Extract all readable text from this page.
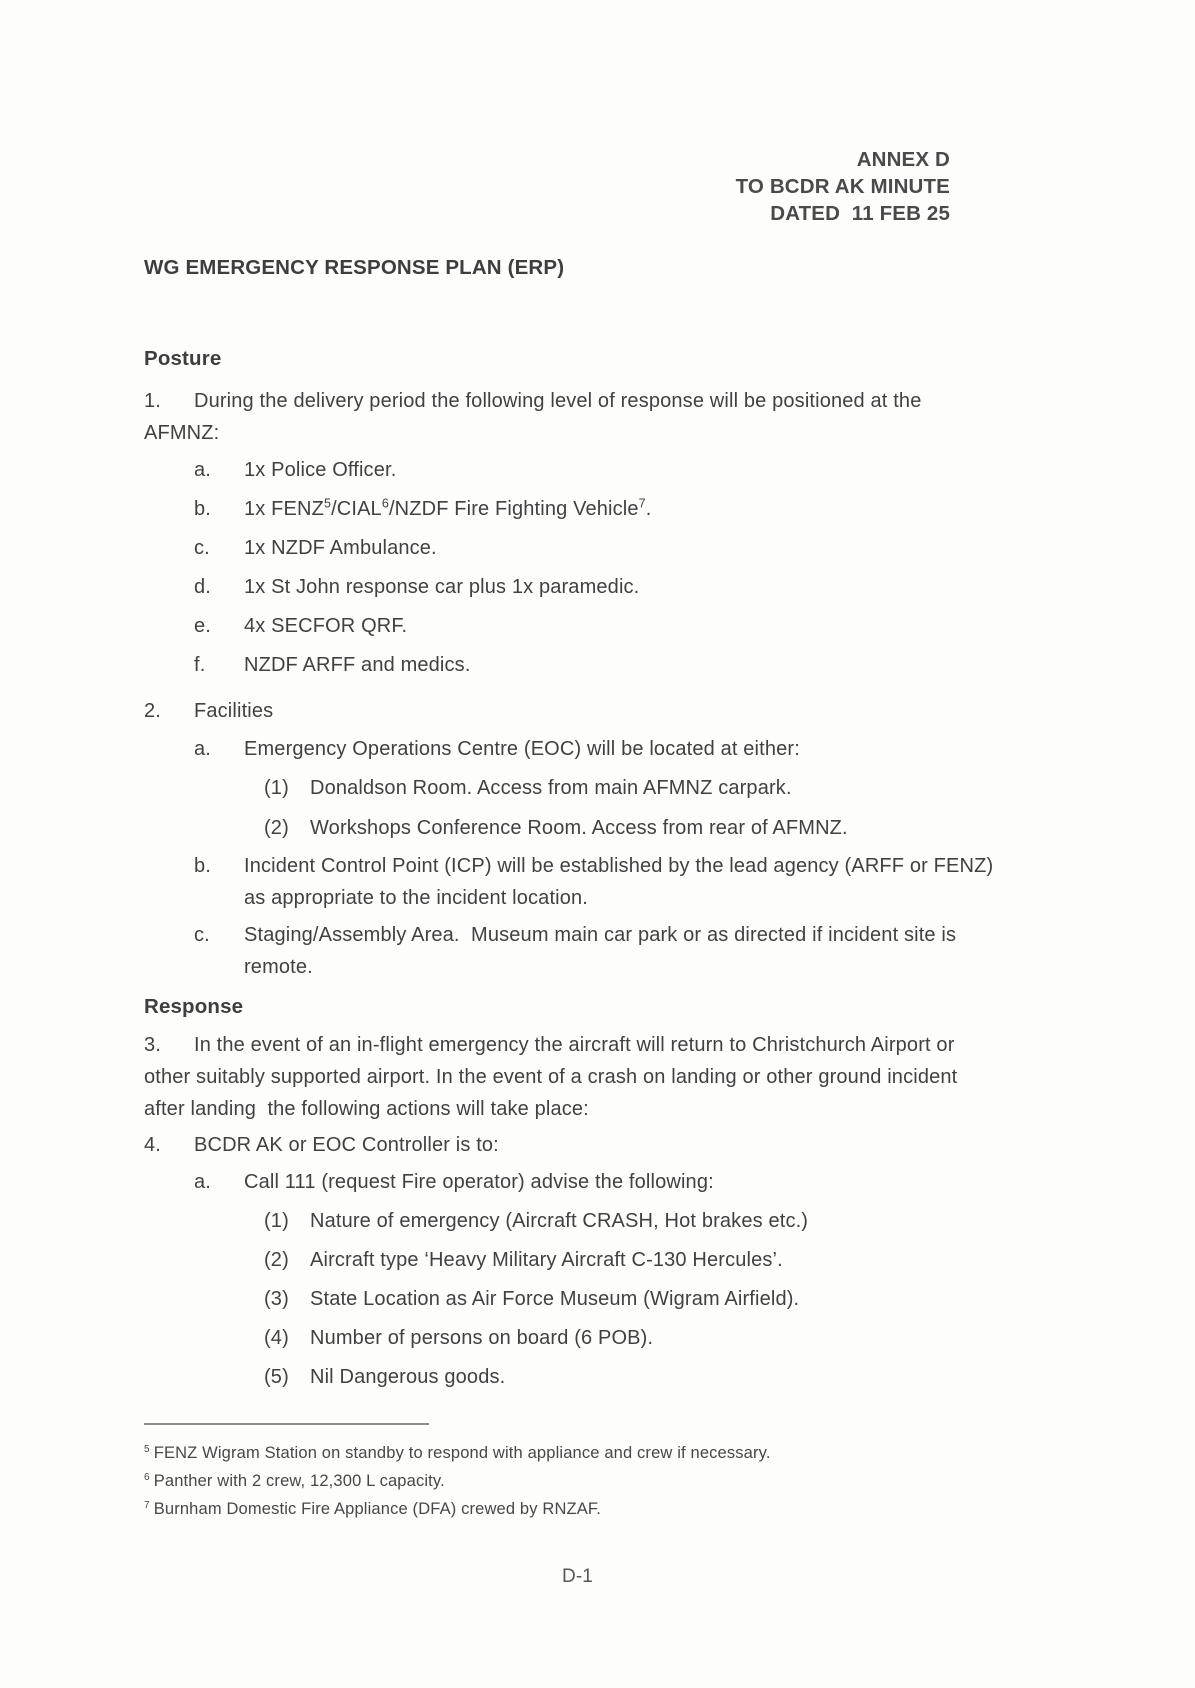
ANNEX D
TO BCDR AK MINUTE
DATED  11 FEB 25
WG EMERGENCY RESPONSE PLAN (ERP)
Posture
1. During the delivery period the following level of response will be positioned at the
AFMNZ:
a. 1x Police Officer.
b. 1x FENZ$^5$/CIAL$^6$/NZDF Fire Fighting Vehicle$^7$.
c. 1x NZDF Ambulance.
d. 1x St John response car plus 1x paramedic.
e. 4x SECFOR QRF.
f. NZDF ARFF and medics.
2. Facilities
a. Emergency Operations Centre (EOC) will be located at either:
(1) Donaldson Room. Access from main AFMNZ carpark.
(2) Workshops Conference Room. Access from rear of AFMNZ.
b. Incident Control Point (ICP) will be established by the lead agency (ARFF or FENZ)
as appropriate to the incident location.
c. Staging/Assembly Area.  Museum main car park or as directed if incident site is
remote.
Response
3. In the event of an in-flight emergency the aircraft will return to Christchurch Airport or
other suitably supported airport. In the event of a crash on landing or other ground incident
after landing  the following actions will take place:
4. BCDR AK or EOC Controller is to:
a. Call 111 (request Fire operator) advise the following:
(1) Nature of emergency (Aircraft CRASH, Hot brakes etc.)
(2) Aircraft type ‘Heavy Military Aircraft C-130 Hercules’.
(3) State Location as Air Force Museum (Wigram Airfield).
(4) Number of persons on board (6 POB).
(5) Nil Dangerous goods.
$^5$ FENZ Wigram Station on standby to respond with appliance and crew if necessary.
$^6$ Panther with 2 crew, 12,300 L capacity.
$^7$ Burnham Domestic Fire Appliance (DFA) crewed by RNZAF.
D-1
